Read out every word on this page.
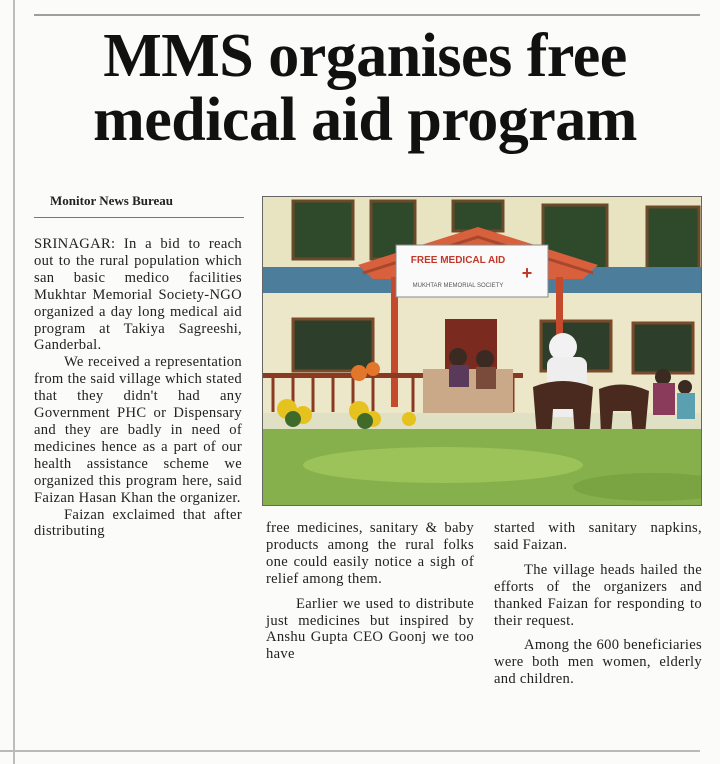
MMS organises free
medical aid program
Monitor News Bureau

SRINAGAR: In a bid to reach out to the rural population which san basic medico facilities Mukhtar Memorial Society-NGO organized a day long medical aid program at Takiya Sagreeshi, Ganderbal.

We received a representation from the said village which stated that they didn't had any Government PHC or Dispensary and they are badly in need of medicines hence as a part of our health assistance scheme we organized this program here, said Faizan Hasan Khan the organizer.

Faizan exclaimed that after distributing

FREE MEDICAL AID
MUKHTAR MEMORIAL SOCIETY
+

free medicines, sanitary & baby products among the rural folks one could easily notice a sigh of relief among them.

Earlier we used to distribute just medicines but inspired by Anshu Gupta CEO Goonj we too have

started with sanitary napkins, said Faizan.

The village heads hailed the efforts of the organizers and thanked Faizan for responding to their request.

Among the 600 beneficiaries were both men women, elderly and children.
